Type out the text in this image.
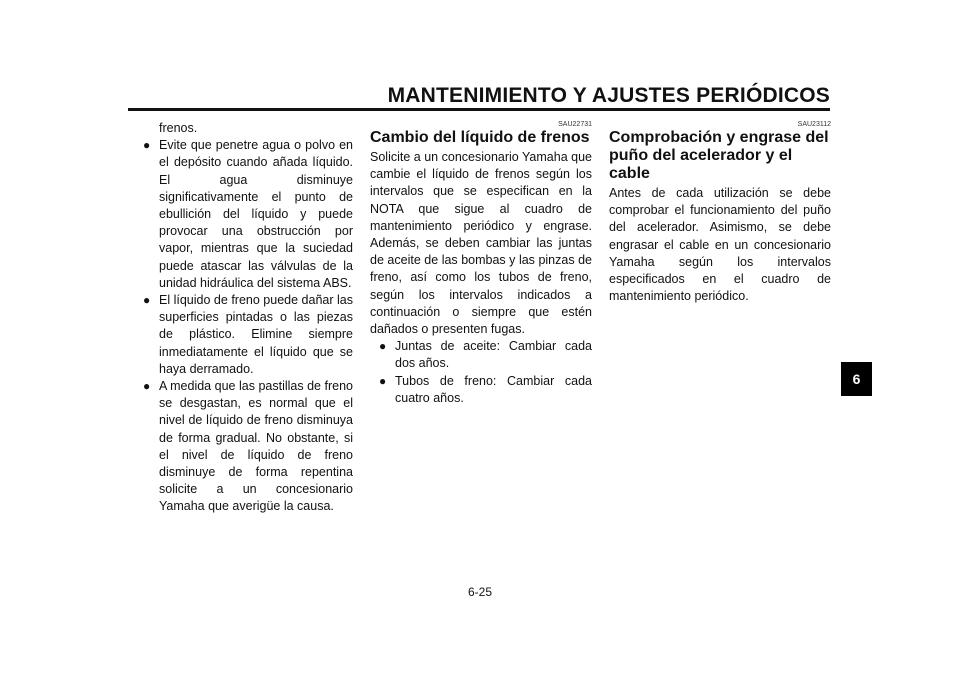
MANTENIMIENTO Y AJUSTES PERIÓDICOS

frenos.

● Evite que penetre agua o polvo en el depósito cuando añada líquido. El agua disminuye significativamente el punto de ebullición del líquido y puede provocar una obstrucción por vapor, mientras que la suciedad puede atascar las válvulas de la unidad hidráulica del sistema ABS.
● El líquido de freno puede dañar las superficies pintadas o las piezas de plástico. Elimine siempre inmediatamente el líquido que se haya derramado.
● A medida que las pastillas de freno se desgastan, es normal que el nivel de líquido de freno disminuya de forma gradual. No obstante, si el nivel de líquido de freno disminuye de forma repentina solicite a un concesionario Yamaha que averigüe la causa.
SAU22731
Cambio del líquido de frenos

Solicite a un concesionario Yamaha que cambie el líquido de frenos según los intervalos que se especifican en la NOTA que sigue al cuadro de mantenimiento periódico y engrase. Además, se deben cambiar las juntas de aceite de las bombas y las pinzas de freno, así como los tubos de freno, según los intervalos indicados a continuación o siempre que estén dañados o presenten fugas.

● Juntas de aceite: Cambiar cada dos años.
● Tubos de freno: Cambiar cada cuatro años.
SAU23112
Comprobación y engrase del puño del acelerador y el cable

Antes de cada utilización se debe comprobar el funcionamiento del puño del acelerador. Asimismo, se debe engrasar el cable en un concesionario Yamaha según los intervalos especificados en el cuadro de mantenimiento periódico.

6
6-25
